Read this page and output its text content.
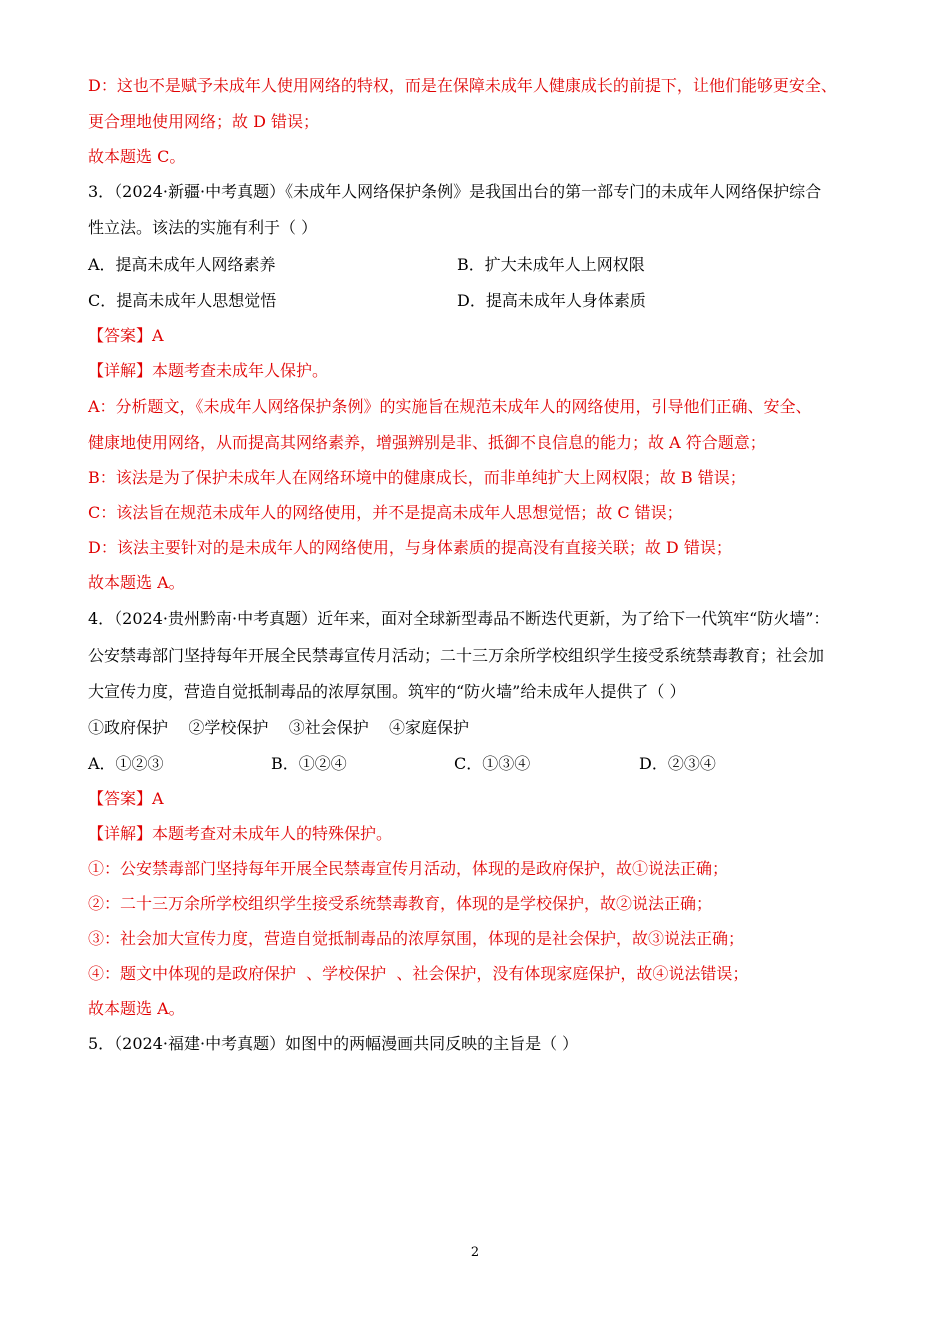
D：这也不是赋予未成年人使用网络的特权，而是在保障未成年人健康成长的前提下，让他们能够更安全、
更合理地使用网络；故 D 错误；
故本题选 C。
3．（2024·新疆·中考真题）《未成年人网络保护条例》是我国出台的第一部专门的未成年人网络保护综合
性立法。该法的实施有利于（ ）
A．提高未成年人网络素养	B．扩大未成年人上网权限
C．提高未成年人思想觉悟	D．提高未成年人身体素质
【答案】A
【详解】本题考查未成年人保护。
A：分析题文，《未成年人网络保护条例》的实施旨在规范未成年人的网络使用，引导他们正确、安全、
健康地使用网络，从而提高其网络素养，增强辨别是非、抵御不良信息的能力；故 A 符合题意；
B：该法是为了保护未成年人在网络环境中的健康成长，而非单纯扩大上网权限；故 B 错误；
C：该法旨在规范未成年人的网络使用，并不是提高未成年人思想觉悟；故 C 错误；
D：该法主要针对的是未成年人的网络使用，与身体素质的提高没有直接关联；故 D 错误；
故本题选 A。
4．（2024·贵州黔南·中考真题）近年来，面对全球新型毒品不断迭代更新，为了给下一代筑牢“防火墙”：
公安禁毒部门坚持每年开展全民禁毒宣传月活动；二十三万余所学校组织学生接受系统禁毒教育；社会加
大宣传力度，营造自觉抵制毒品的浓厚氛围。筑牢的“防火墙”给未成年人提供了（ ）
①政府保护    ②学校保护    ③社会保护    ④家庭保护
A．①②③	B．①②④	C．①③④	D．②③④
【答案】A
【详解】本题考查对未成年人的特殊保护。
①：公安禁毒部门坚持每年开展全民禁毒宣传月活动，体现的是政府保护，故①说法正确；
②：二十三万余所学校组织学生接受系统禁毒教育，体现的是学校保护，故②说法正确；
③：社会加大宣传力度，营造自觉抵制毒品的浓厚氛围，体现的是社会保护，故③说法正确；
④：题文中体现的是政府保护  、学校保护  、社会保护，没有体现家庭保护，故④说法错误；
故本题选 A。
5．（2024·福建·中考真题）如图中的两幅漫画共同反映的主旨是（ ）
2
